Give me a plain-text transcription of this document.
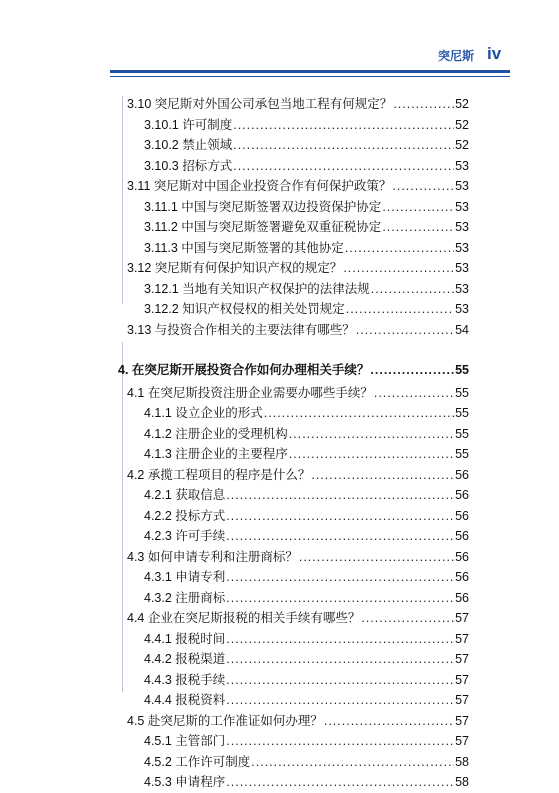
突尼斯 iv
3.10 突尼斯对外国公司承包当地工程有何规定？ .....	52
3.10.1 许可制度 .....	52
3.10.2 禁止领域 .....	52
3.10.3 招标方式 .....	53
3.11 突尼斯对中国企业投资合作有何保护政策？ .....	53
3.11.1 中国与突尼斯签署双边投资保护协定 .....	53
3.11.2 中国与突尼斯签署避免双重征税协定 .....	53
3.11.3 中国与突尼斯签署的其他协定 .....	53
3.12 突尼斯有何保护知识产权的规定？ .....	53
3.12.1 当地有关知识产权保护的法律法规 .....	53
3.12.2 知识产权侵权的相关处罚规定 .....	53
3.13 与投资合作相关的主要法律有哪些？ .....	54
4. 在突尼斯开展投资合作如何办理相关手续？ .....	55
4.1 在突尼斯投资注册企业需要办哪些手续？ .....	55
4.1.1 设立企业的形式 .....	55
4.1.2 注册企业的受理机构 .....	55
4.1.3 注册企业的主要程序 .....	55
4.2 承揽工程项目的程序是什么？ .....	56
4.2.1 获取信息 .....	56
4.2.2 投标方式 .....	56
4.2.3 许可手续 .....	56
4.3 如何申请专利和注册商标？ .....	56
4.3.1 申请专利 .....	56
4.3.2 注册商标 .....	56
4.4 企业在突尼斯报税的相关手续有哪些？ .....	57
4.4.1 报税时间 .....	57
4.4.2 报税渠道 .....	57
4.4.3 报税手续 .....	57
4.4.4 报税资料 .....	57
4.5 赴突尼斯的工作准证如何办理？ .....	57
4.5.1 主管部门 .....	57
4.5.2 工作许可制度 .....	58
4.5.3 申请程序 .....	58
